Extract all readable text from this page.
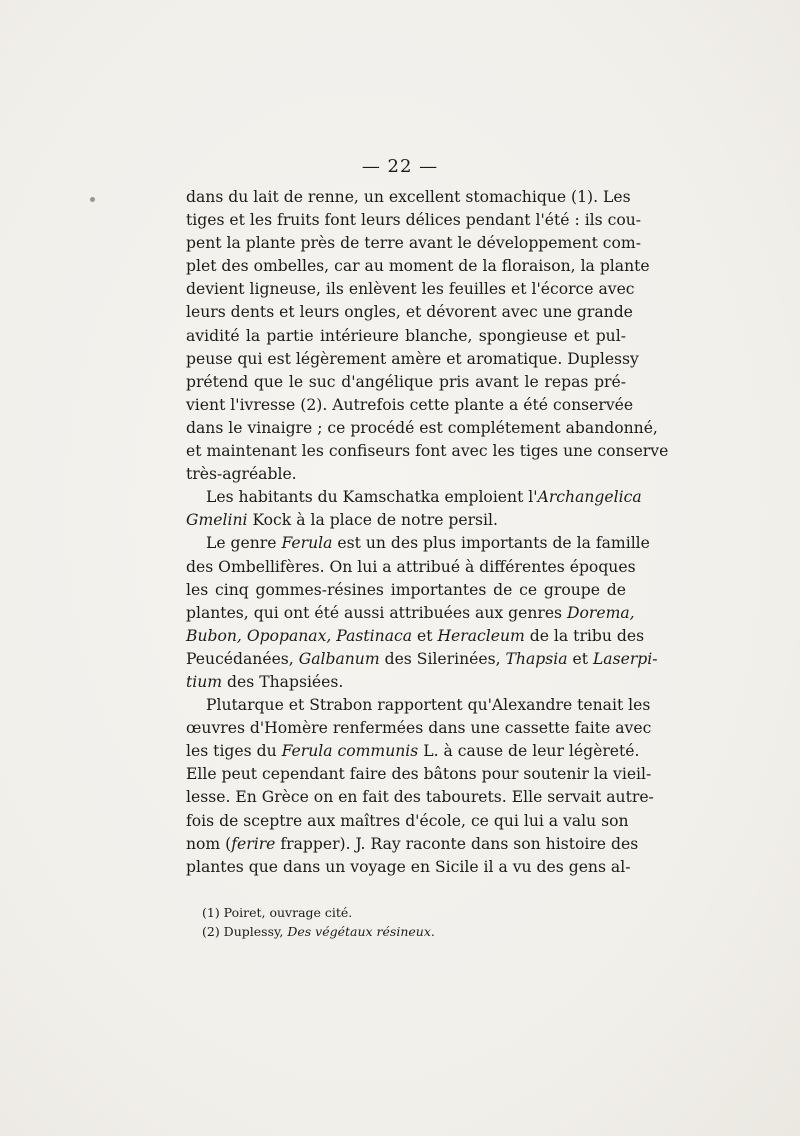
— 22 —
dans du lait de renne, un excellent stomachique (1). Les
tiges et les fruits font leurs délices pendant l'été : ils cou-
pent la plante près de terre avant le développement com-
plet des ombelles, car au moment de la floraison, la plante
devient ligneuse, ils enlèvent les feuilles et l'écorce avec
leurs dents et leurs ongles, et dévorent avec une grande
avidité la partie intérieure blanche, spongieuse et pul-
peuse qui est légèrement amère et aromatique. Duplessy
prétend que le suc d'angélique pris avant le repas pré-
vient l'ivresse (2). Autrefois cette plante a été conservée
dans le vinaigre ; ce procédé est complétement abandonné,
et maintenant les confiseurs font avec les tiges une conserve
très-agréable.
Les habitants du Kamschatka emploient l'Archangelica
Gmelini Kock à la place de notre persil.
Le genre Ferula est un des plus importants de la famille
des Ombellifères. On lui a attribué à différentes époques
les cinq gommes-résines importantes de ce groupe de
plantes, qui ont été aussi attribuées aux genres Dorema,
Bubon, Opopanax, Pastinaca et Heracleum de la tribu des
Peucédanées, Galbanum des Silerinées, Thapsia et Laserpi-
tium des Thapsiées.
Plutarque et Strabon rapportent qu'Alexandre tenait les
œuvres d'Homère renfermées dans une cassette faite avec
les tiges du Ferula communis L. à cause de leur légèreté.
Elle peut cependant faire des bâtons pour soutenir la vieil-
lesse. En Grèce on en fait des tabourets. Elle servait autre-
fois de sceptre aux maîtres d'école, ce qui lui a valu son
nom (ferire frapper). J. Ray raconte dans son histoire des
plantes que dans un voyage en Sicile il a vu des gens al-
(1) Poiret, ouvrage cité.
(2) Duplessy, Des végétaux résineux.
